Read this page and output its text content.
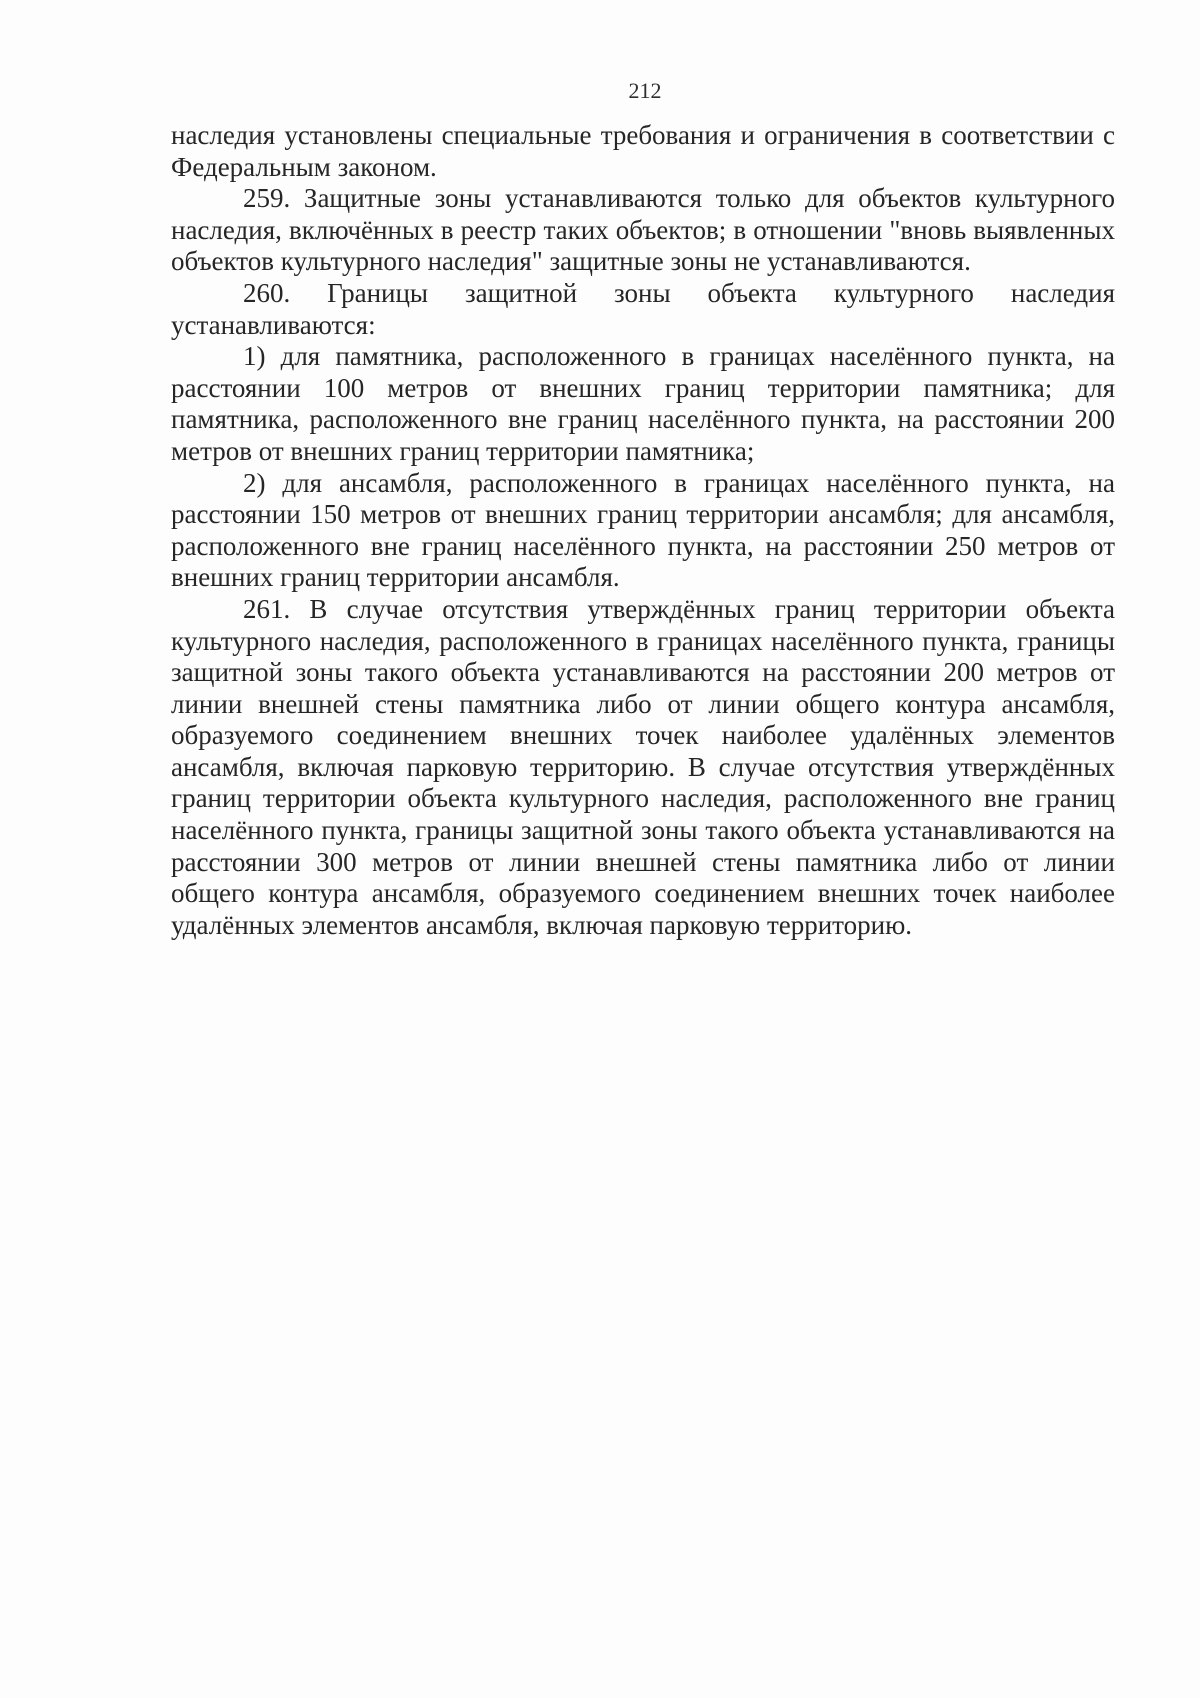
212

наследия установлены специальные требования и ограничения в соответствии с Федеральным законом.

259. Защитные зоны устанавливаются только для объектов культурного наследия, включённых в реестр таких объектов; в отношении "вновь выявленных объектов культурного наследия" защитные зоны не устанавливаются.

260. Границы защитной зоны объекта культурного наследия устанавливаются:

1) для памятника, расположенного в границах населённого пункта, на расстоянии 100 метров от внешних границ территории памятника; для памятника, расположенного вне границ населённого пункта, на расстоянии 200 метров от внешних границ территории памятника;

2) для ансамбля, расположенного в границах населённого пункта, на расстоянии 150 метров от внешних границ территории ансамбля; для ансамбля, расположенного вне границ населённого пункта, на расстоянии 250 метров от внешних границ территории ансамбля.

261. В случае отсутствия утверждённых границ территории объекта культурного наследия, расположенного в границах населённого пункта, границы защитной зоны такого объекта устанавливаются на расстоянии 200 метров от линии внешней стены памятника либо от линии общего контура ансамбля, образуемого соединением внешних точек наиболее удалённых элементов ансамбля, включая парковую территорию. В случае отсутствия утверждённых границ территории объекта культурного наследия, расположенного вне границ населённого пункта, границы защитной зоны такого объекта устанавливаются на расстоянии 300 метров от линии внешней стены памятника либо от линии общего контура ансамбля, образуемого соединением внешних точек наиболее удалённых элементов ансамбля, включая парковую территорию.
